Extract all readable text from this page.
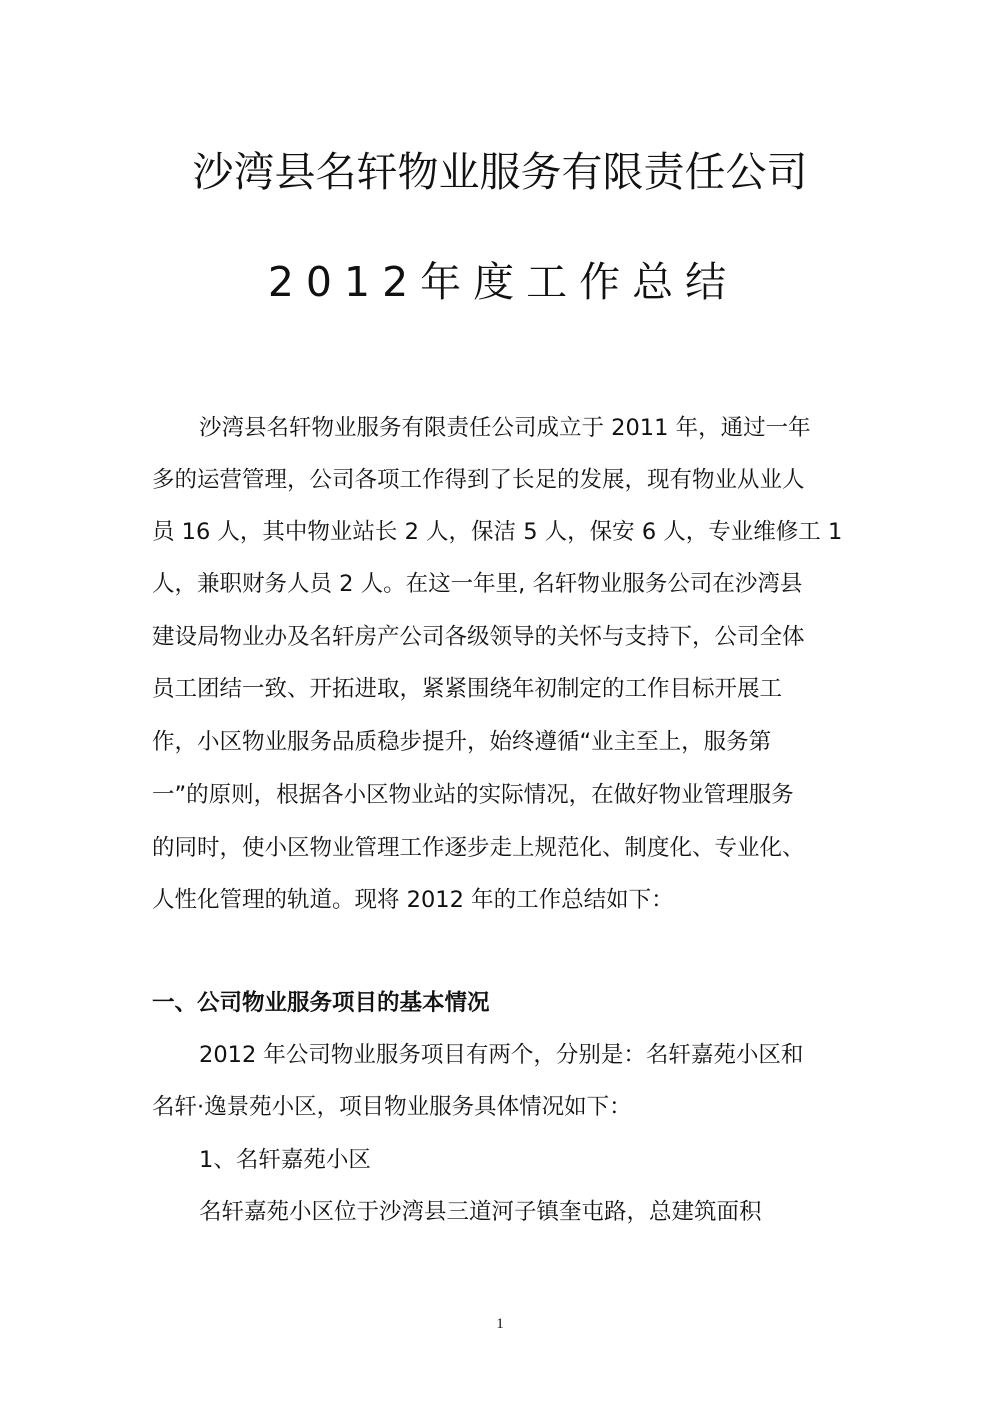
沙湾县名轩物业服务有限责任公司
2012年度工作总结
沙湾县名轩物业服务有限责任公司成立于 2011 年，通过一年
多的运营管理，公司各项工作得到了长足的发展，现有物业从业人
员 16 人，其中物业站长 2 人，保洁 5 人，保安 6 人，专业维修工 1
人，兼职财务人员 2 人。在这一年里, 名轩物业服务公司在沙湾县
建设局物业办及名轩房产公司各级领导的关怀与支持下，公司全体
员工团结一致、开拓进取，紧紧围绕年初制定的工作目标开展工
作，小区物业服务品质稳步提升，始终遵循“业主至上，服务第
一”的原则，根据各小区物业站的实际情况，在做好物业管理服务
的同时，使小区物业管理工作逐步走上规范化、制度化、专业化、
人性化管理的轨道。现将 2012 年的工作总结如下：
一、公司物业服务项目的基本情况
2012 年公司物业服务项目有两个，分别是：名轩嘉苑小区和
名轩·逸景苑小区，项目物业服务具体情况如下：
1、名轩嘉苑小区
名轩嘉苑小区位于沙湾县三道河子镇奎屯路，总建筑面积
1
